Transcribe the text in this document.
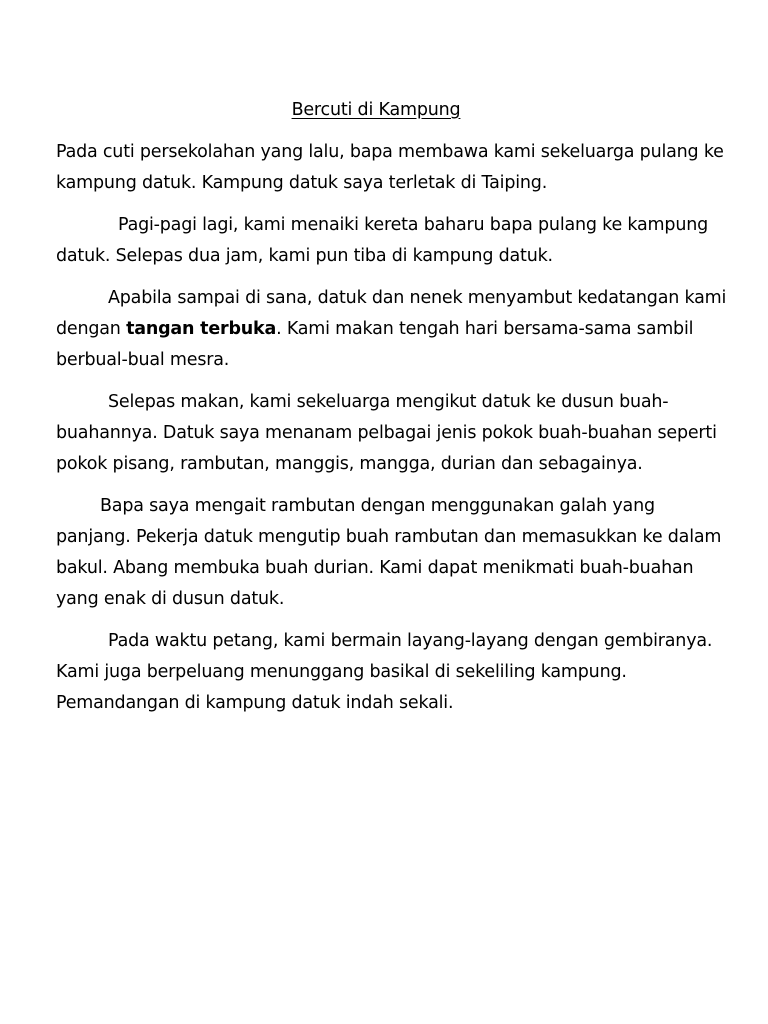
Bercuti di Kampung

Pada cuti persekolahan yang lalu, bapa membawa kami sekeluarga pulang ke kampung datuk. Kampung datuk saya terletak di Taiping.

Pagi-pagi lagi, kami menaiki kereta baharu bapa pulang ke kampung datuk. Selepas dua jam, kami pun tiba di kampung datuk.

Apabila sampai di sana, datuk dan nenek menyambut kedatangan kami dengan tangan terbuka. Kami makan tengah hari bersama-sama sambil berbual-bual mesra.

Selepas makan, kami sekeluarga mengikut datuk ke dusun buah-buahannya. Datuk saya menanam pelbagai jenis pokok buah-buahan seperti pokok pisang, rambutan, manggis, mangga, durian dan sebagainya.

Bapa saya mengait rambutan dengan menggunakan galah yang panjang. Pekerja datuk mengutip buah rambutan dan memasukkan ke dalam bakul. Abang membuka buah durian. Kami dapat menikmati buah-buahan yang enak di dusun datuk.

Pada waktu petang, kami bermain layang-layang dengan gembiranya. Kami juga berpeluang menunggang basikal di sekeliling kampung. Pemandangan di kampung datuk indah sekali.
